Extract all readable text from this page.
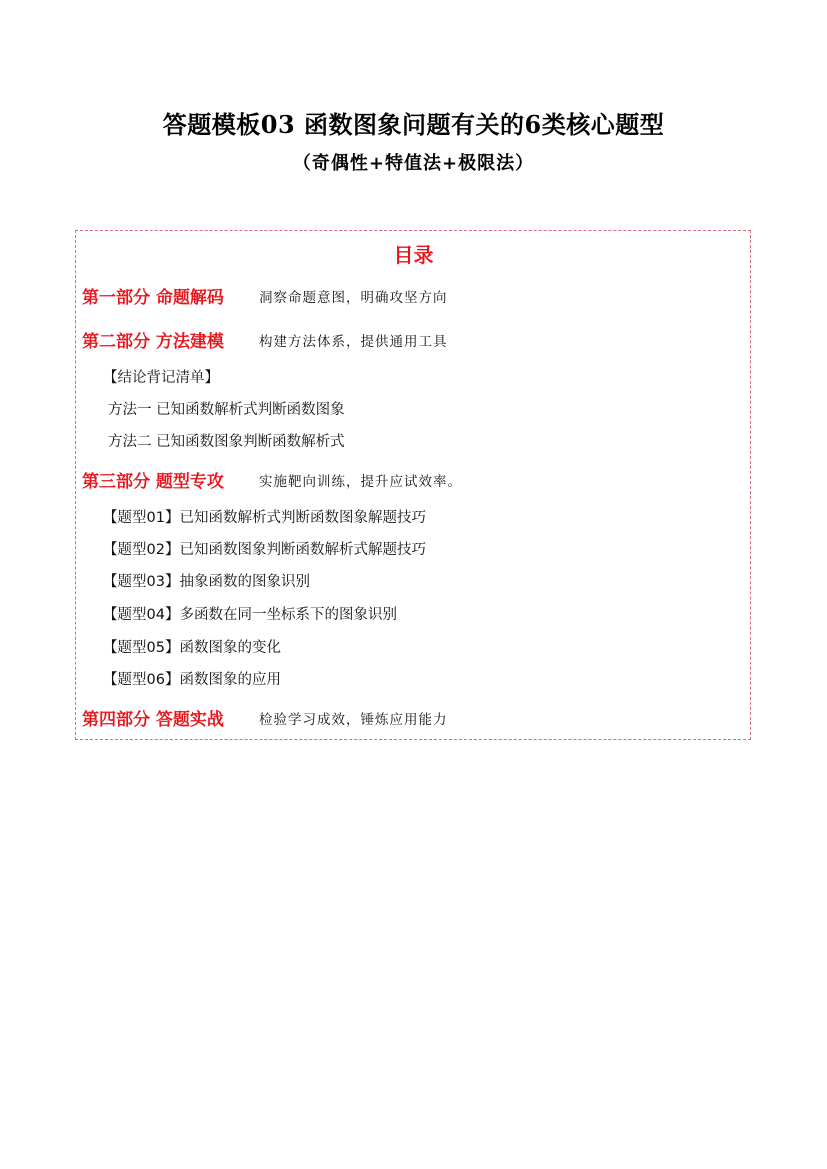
答题模板03 函数图象问题有关的6类核心题型
（奇偶性+特值法+极限法）
目录
第一部分 命题解码	洞察命题意图，明确攻坚方向
第二部分 方法建模	构建方法体系，提供通用工具
【结论背记清单】
方法一 已知函数解析式判断函数图象
方法二 已知函数图象判断函数解析式
第三部分 题型专攻	实施靶向训练，提升应试效率。
【题型01】已知函数解析式判断函数图象解题技巧
【题型02】已知函数图象判断函数解析式解题技巧
【题型03】抽象函数的图象识别
【题型04】多函数在同一坐标系下的图象识别
【题型05】函数图象的变化
【题型06】函数图象的应用
第四部分 答题实战	检验学习成效，锤炼应用能力
